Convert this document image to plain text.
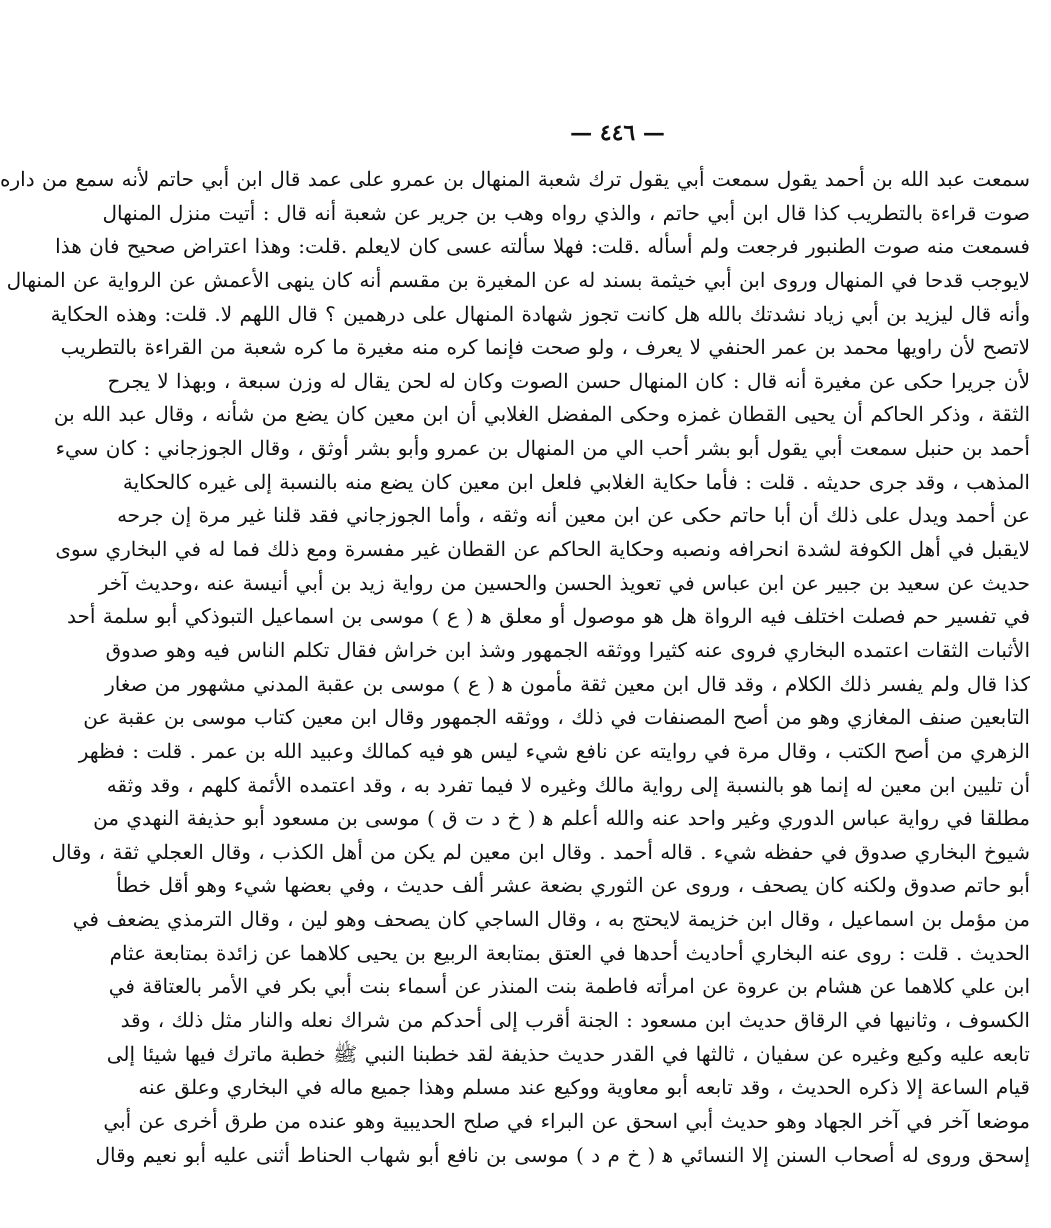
— ٤٤٦ —
سمعت عبد الله بن أحمد يقول سمعت أبي يقول ترك شعبة المنهال بن عمرو على عمد قال ابن أبي حاتم لأنه سمع من داره
صوت قراءة بالتطريب كذا قال ابن أبي حاتم ، والذي رواه وهب بن جرير عن شعبة أنه قال : أتيت منزل المنهال
فسمعت منه صوت الطنبور فرجعت ولم أسأله .قلت: فهلا سألته عسى كان لايعلم .قلت: وهذا اعتراض صحيح فان هذا
لايوجب قدحا في المنهال وروى ابن أبي خيثمة بسند له عن المغيرة بن مقسم أنه كان ينهى الأعمش عن الرواية عن المنهال
وأنه قال ليزيد بن أبي زياد نشدتك بالله هل كانت تجوز شهادة المنهال على درهمين ؟ قال اللهم لا. قلت: وهذه الحكاية
لاتصح لأن راويها محمد بن عمر الحنفي لا يعرف ، ولو صحت فإنما كره منه مغيرة ما كره شعبة من القراءة بالتطريب
لأن جريرا حكى عن مغيرة أنه قال : كان المنهال حسن الصوت وكان له لحن يقال له وزن سبعة ، وبهذا لا يجرح
الثقة ، وذكر الحاكم أن يحيى القطان غمزه وحكى المفضل الغلابي أن ابن معين كان يضع من شأنه ، وقال عبد الله بن
أحمد بن حنبل سمعت أبي يقول أبو بشر أحب الي من المنهال بن عمرو وأبو بشر أوثق ، وقال الجوزجاني : كان سيء
المذهب ، وقد جرى حديثه . قلت : فأما حكاية الغلابي فلعل ابن معين كان يضع منه بالنسبة إلى غيره كالحكاية
عن أحمد ويدل على ذلك أن أبا حاتم حكى عن ابن معين أنه وثقه ، وأما الجوزجاني فقد قلنا غير مرة إن جرحه
لايقبل في أهل الكوفة لشدة انحرافه ونصبه وحكاية الحاكم عن القطان غير مفسرة ومع ذلك فما له في البخاري سوى
حديث عن سعيد بن جبير عن ابن عباس في تعويذ الحسن والحسين من رواية زيد بن أبي أنيسة عنه ،وحديث آخر
في تفسير حم فصلت اختلف فيه الرواة هل هو موصول أو معلق ﻫ ( ع ) موسى بن اسماعيل التبوذكي أبو سلمة أحد
الأثبات الثقات اعتمده البخاري فروى عنه كثيرا ووثقه الجمهور وشذ ابن خراش فقال تكلم الناس فيه وهو صدوق
كذا قال ولم يفسر ذلك الكلام ، وقد قال ابن معين ثقة مأمون ﻫ ( ع ) موسى بن عقبة المدني مشهور من صغار
التابعين صنف المغازي وهو من أصح المصنفات في ذلك ، ووثقه الجمهور وقال ابن معين كتاب موسى بن عقبة عن
الزهري من أصح الكتب ، وقال مرة في روايته عن نافع شيء ليس هو فيه كمالك وعبيد الله بن عمر . قلت : فظهر
أن تليين ابن معين له إنما هو بالنسبة إلى رواية مالك وغيره لا فيما تفرد به ، وقد اعتمده الأئمة كلهم ، وقد وثقه
مطلقا في رواية عباس الدوري وغير واحد عنه والله أعلم ﻫ ( خ د ت ق ) موسى بن مسعود أبو حذيفة النهدي من
شيوخ البخاري صدوق في حفظه شيء . قاله أحمد . وقال ابن معين لم يكن من أهل الكذب ، وقال العجلي ثقة ، وقال
أبو حاتم صدوق ولكنه كان يصحف ، وروى عن الثوري بضعة عشر ألف حديث ، وفي بعضها شيء وهو أقل خطأ
من مؤمل بن اسماعيل ، وقال ابن خزيمة لايحتج به ، وقال الساجي كان يصحف وهو لين ، وقال الترمذي يضعف في
الحديث . قلت : روى عنه البخاري أحاديث أحدها في العتق بمتابعة الربيع بن يحيى كلاهما عن زائدة بمتابعة عثام
ابن علي كلاهما عن هشام بن عروة عن امرأته فاطمة بنت المنذر عن أسماء بنت أبي بكر في الأمر بالعتاقة في
الكسوف ، وثانيها في الرقاق حديث ابن مسعود : الجنة أقرب إلى أحدكم من شراك نعله والنار مثل ذلك ، وقد
تابعه عليه وكيع وغيره عن سفيان ، ثالثها في القدر حديث حذيفة لقد خطبنا النبي ﷺ خطبة ماترك فيها شيئا إلى
قيام الساعة إلا ذكره الحديث ، وقد تابعه أبو معاوية ووكيع عند مسلم وهذا جميع ماله في البخاري وعلق عنه
موضعا آخر في آخر الجهاد وهو حديث أبي اسحق عن البراء في صلح الحديبية وهو عنده من طرق أخرى عن أبي
إسحق وروى له أصحاب السنن إلا النسائي ﻫ ( خ م د ) موسى بن نافع أبو شهاب الحناط أثنى عليه أبو نعيم وقال
